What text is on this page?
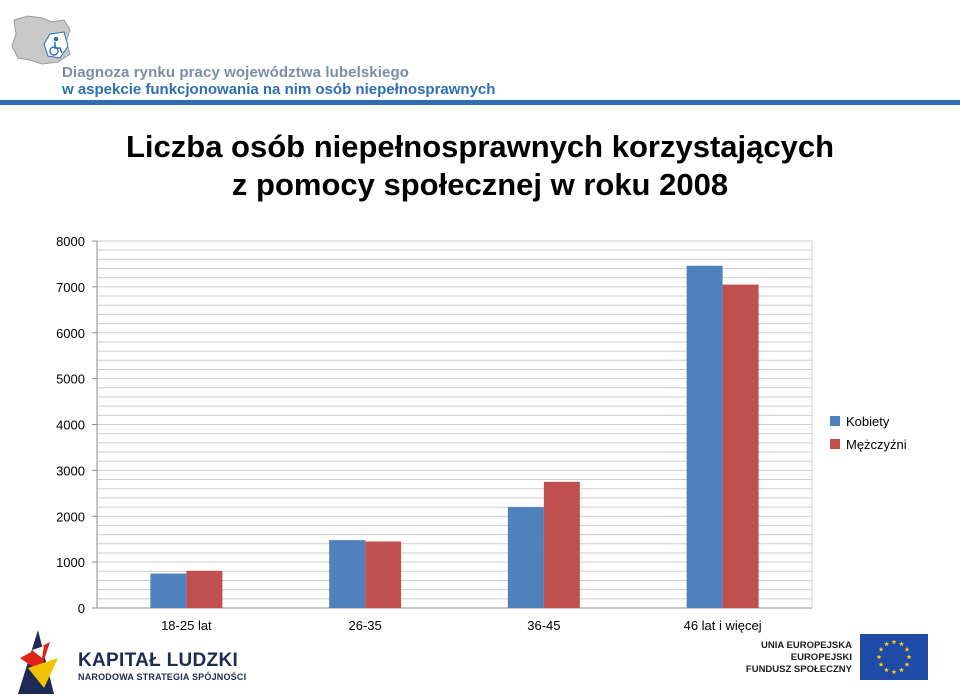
Diagnoza rynku pracy województwa lubelskiego
w aspekcie funkcjonowania na nim osób niepełnosprawnych
Liczba osób niepełnosprawnych korzystających
z pomocy społecznej w roku 2008
0
1000
2000
3000
4000
5000
6000
7000
8000
18-25 lat	26-35	36-45	46 lat i więcej
Kobiety
Mężczyźni
KAPITAŁ LUDZKI
NARODOWA STRATEGIA SPÓJNOŚCI
UNIA EUROPEJSKA
EUROPEJSKI
FUNDUSZ SPOŁECZNY
